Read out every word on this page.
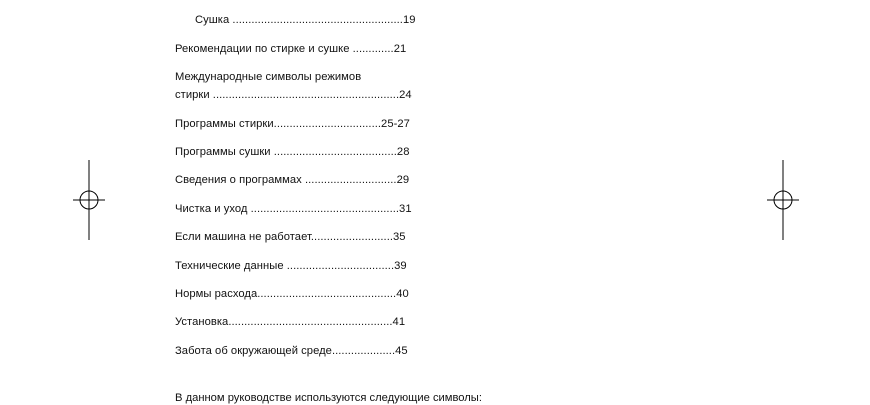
Сушка ......................................................19
Рекомендации по стирке и сушке .............21
Международные символы режимов
стирки ...........................................................24
Программы стирки..................................25-27
Программы сушки .......................................28
Сведения о программах .............................29
Чистка и уход ...............................................31
Если машина не работает..........................35
Технические данные ..................................39
Нормы расхода............................................40
Установка....................................................41
Забота об окружающей среде....................45
В данном руководстве используются следующие символы:
